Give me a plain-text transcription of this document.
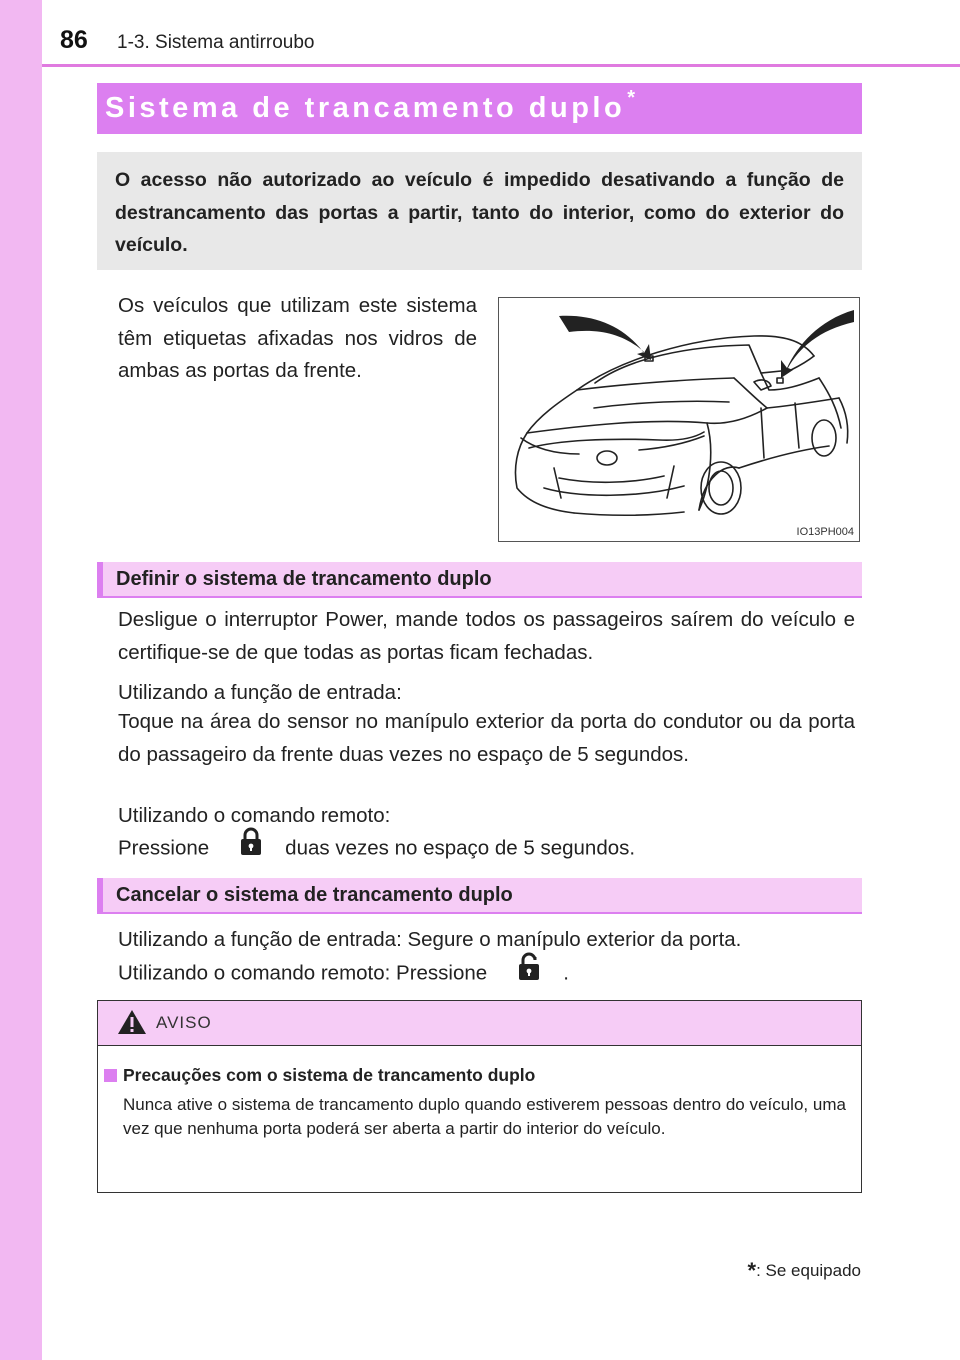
86 1-3. Sistema antirroubo
Sistema de trancamento duplo *
O acesso não autorizado ao veículo é impedido desativando a função de destrancamento das portas a partir, tanto do interior, como do exterior do veículo.
Os veículos que utilizam este sistema têm etiquetas afixadas nos vidros de ambas as portas da frente.
IO13PH004
Definir o sistema de trancamento duplo
Desligue o interruptor Power, mande todos os passageiros saírem do veículo e certifique-se de que todas as portas ficam fechadas.
Utilizando a função de entrada:
Toque na área do sensor no manípulo exterior da porta do condutor ou da porta do passageiro da frente duas vezes no espaço de 5 segundos.
Utilizando o comando remoto:
Pressione	duas vezes no espaço de 5 segundos.
Cancelar o sistema de trancamento duplo
Utilizando a função de entrada: Segure o manípulo exterior da porta.
Utilizando o comando remoto: Pressione	.
AVISO
Precauções com o sistema de trancamento duplo
Nunca ative o sistema de trancamento duplo quando estiverem pessoas dentro do veículo, uma vez que nenhuma porta poderá ser aberta a partir do interior do veículo.
*: Se equipado
